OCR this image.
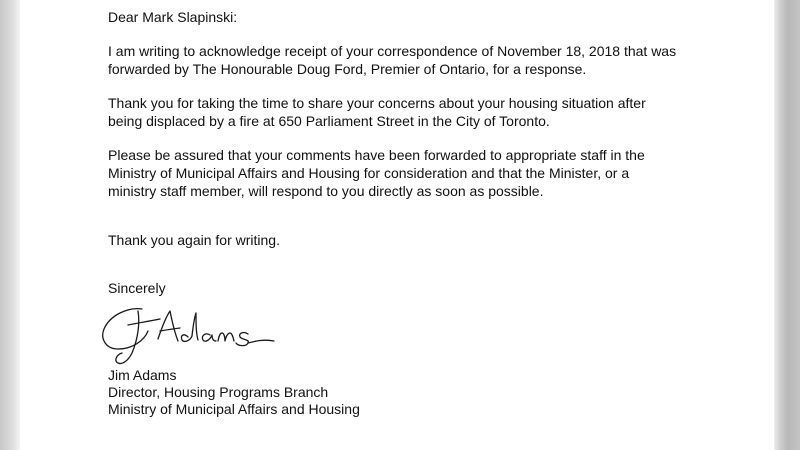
Dear Mark Slapinski:

I am writing to acknowledge receipt of your correspondence of November 18, 2018 that was

forwarded by The Honourable Doug Ford, Premier of Ontario, for a response.

Thank you for taking the time to share your concerns about your housing situation after

being displaced by a fire at 650 Parliament Street in the City of Toronto.

Please be assured that your comments have been forwarded to appropriate staff in the

Ministry of Municipal Affairs and Housing for consideration and that the Minister, or a

ministry staff member, will respond to you directly as soon as possible.

Thank you again for writing.

Sincerely

Jim Adams

Director, Housing Programs Branch

Ministry of Municipal Affairs and Housing
